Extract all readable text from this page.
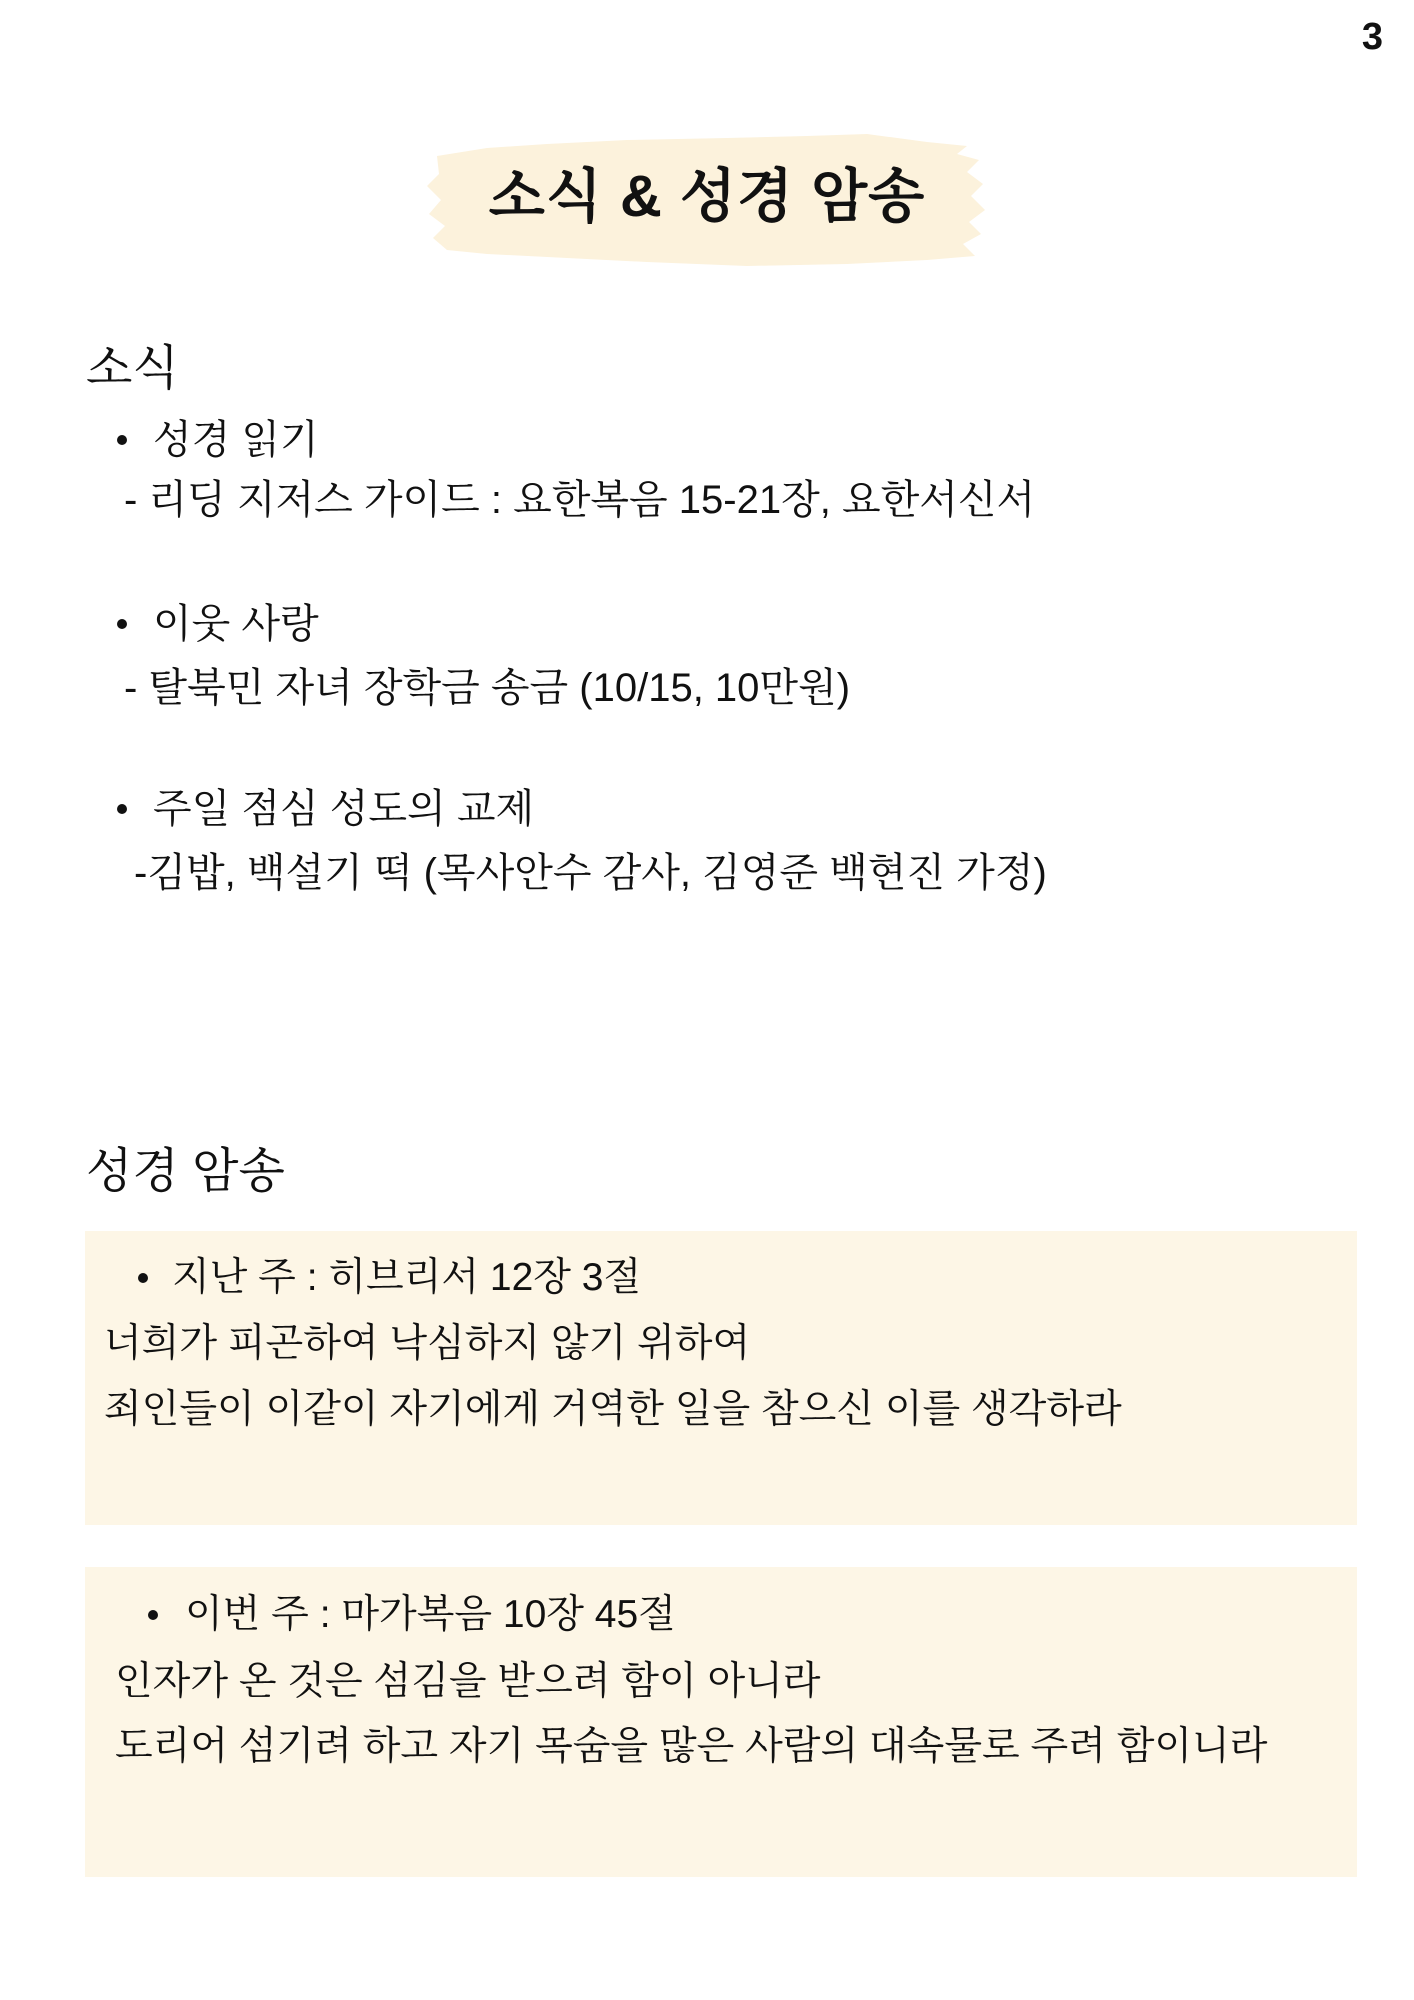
3
소식 & 성경 암송
소식
성경 읽기
- 리딩 지저스 가이드 : 요한복음 15-21장, 요한서신서
이웃 사랑
- 탈북민 자녀 장학금 송금 (10/15, 10만원)
주일 점심 성도의 교제
-김밥, 백설기 떡 (목사안수 감사, 김영준 백현진 가정)
성경 암송
지난 주 : 히브리서 12장 3절
너희가 피곤하여 낙심하지 않기 위하여
죄인들이 이같이 자기에게 거역한 일을 참으신 이를 생각하라
이번 주 : 마가복음 10장 45절
인자가 온 것은 섬김을 받으려 함이 아니라
도리어 섬기려 하고 자기 목숨을 많은 사람의 대속물로 주려 함이니라
